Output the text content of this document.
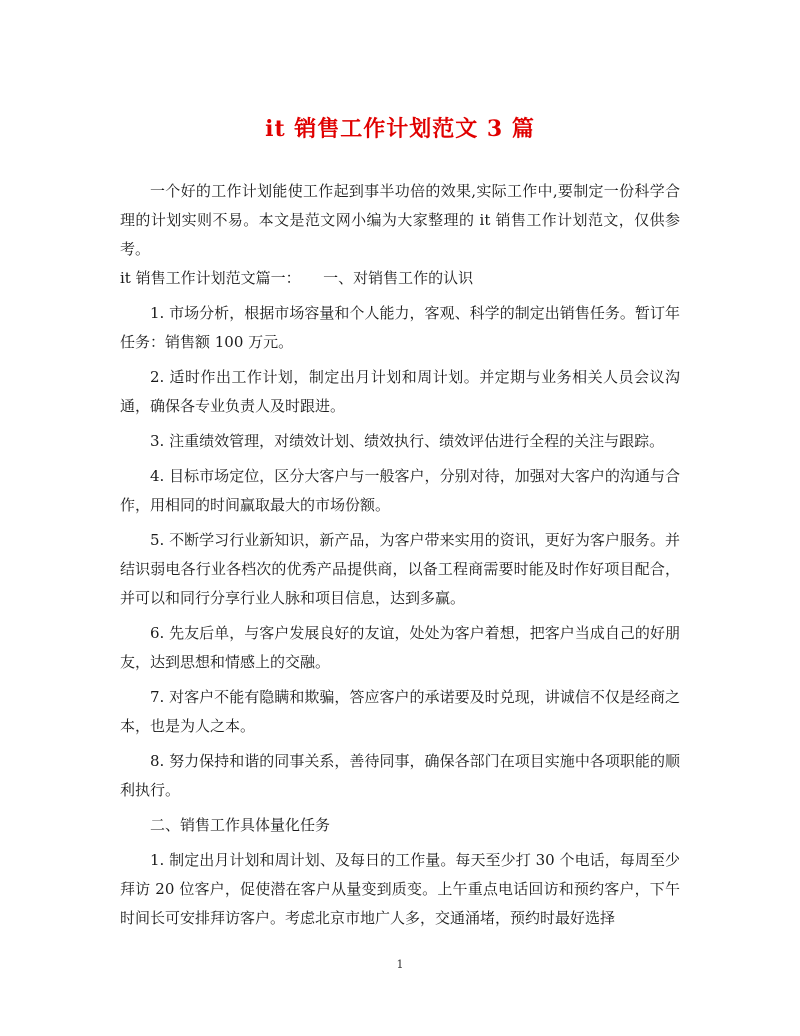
it 销售工作计划范文 3 篇

一个好的工作计划能使工作起到事半功倍的效果,实际工作中,要制定一份科学合理的计划实则不易。本文是范文网小编为大家整理的 it 销售工作计划范文，仅供参考。

it 销售工作计划范文篇一：　　一、对销售工作的认识

1. 市场分析，根据市场容量和个人能力，客观、科学的制定出销售任务。暂订年任务：销售额 100 万元。

2. 适时作出工作计划，制定出月计划和周计划。并定期与业务相关人员会议沟通，确保各专业负责人及时跟进。

3. 注重绩效管理，对绩效计划、绩效执行、绩效评估进行全程的关注与跟踪。

4. 目标市场定位，区分大客户与一般客户，分别对待，加强对大客户的沟通与合作，用相同的时间赢取最大的市场份额。

5. 不断学习行业新知识，新产品，为客户带来实用的资讯，更好为客户服务。并结识弱电各行业各档次的优秀产品提供商，以备工程商需要时能及时作好项目配合，并可以和同行分享行业人脉和项目信息，达到多赢。

6. 先友后单，与客户发展良好的友谊，处处为客户着想，把客户当成自己的好朋友，达到思想和情感上的交融。

7. 对客户不能有隐瞒和欺骗，答应客户的承诺要及时兑现，讲诚信不仅是经商之本，也是为人之本。

8. 努力保持和谐的同事关系，善待同事，确保各部门在项目实施中各项职能的顺利执行。

二、销售工作具体量化任务

1. 制定出月计划和周计划、及每日的工作量。每天至少打 30 个电话，每周至少拜访 20 位客户，促使潜在客户从量变到质变。上午重点电话回访和预约客户，下午时间长可安排拜访客户。考虑北京市地广人多，交通涌堵，预约时最好选择

1
